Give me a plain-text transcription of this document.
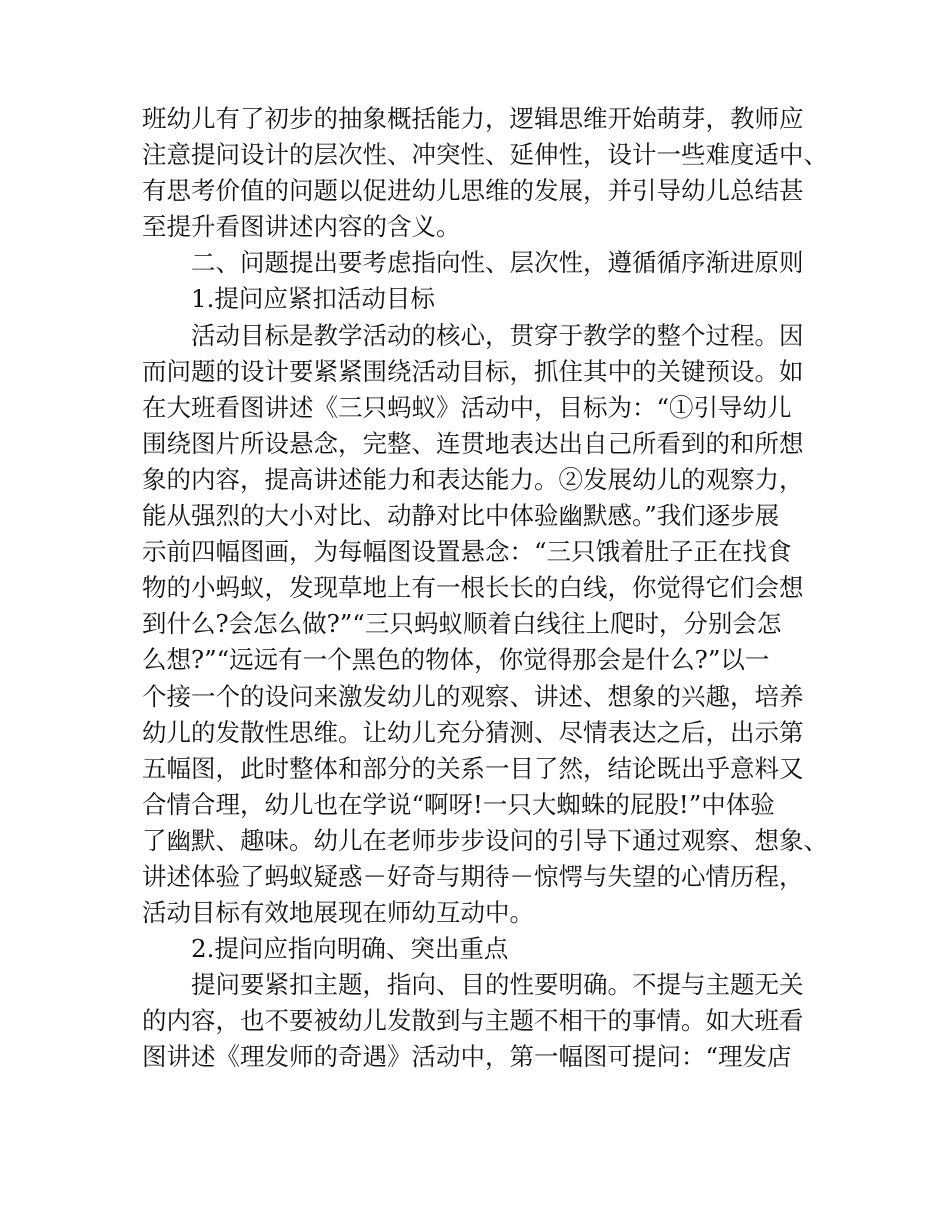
班幼儿有了初步的抽象概括能力，逻辑思维开始萌芽，教师应
注意提问设计的层次性、冲突性、延伸性，设计一些难度适中、
有思考价值的问题以促进幼儿思维的发展，并引导幼儿总结甚
至提升看图讲述内容的含义。
二、问题提出要考虑指向性、层次性，遵循循序渐进原则
1.提问应紧扣活动目标
活动目标是教学活动的核心，贯穿于教学的整个过程。因
而问题的设计要紧紧围绕活动目标，抓住其中的关键预设。如
在大班看图讲述《三只蚂蚁》活动中，目标为：“①引导幼儿
围绕图片所设悬念，完整、连贯地表达出自己所看到的和所想
象的内容，提高讲述能力和表达能力。②发展幼儿的观察力，
能从强烈的大小对比、动静对比中体验幽默感。”我们逐步展
示前四幅图画，为每幅图设置悬念：“三只饿着肚子正在找食
物的小蚂蚁，发现草地上有一根长长的白线，你觉得它们会想
到什么?会怎么做?”“三只蚂蚁顺着白线往上爬时，分别会怎
么想?”“远远有一个黑色的物体，你觉得那会是什么?”以一
个接一个的设问来激发幼儿的观察、讲述、想象的兴趣，培养
幼儿的发散性思维。让幼儿充分猜测、尽情表达之后，出示第
五幅图，此时整体和部分的关系一目了然，结论既出乎意料又
合情合理，幼儿也在学说“啊呀!一只大蜘蛛的屁股!”中体验
了幽默、趣味。幼儿在老师步步设问的引导下通过观察、想象、
讲述体验了蚂蚁疑惑－好奇与期待－惊愕与失望的心情历程，
活动目标有效地展现在师幼互动中。
2.提问应指向明确、突出重点
提问要紧扣主题，指向、目的性要明确。不提与主题无关
的内容，也不要被幼儿发散到与主题不相干的事情。如大班看
图讲述《理发师的奇遇》活动中，第一幅图可提问：“理发店
